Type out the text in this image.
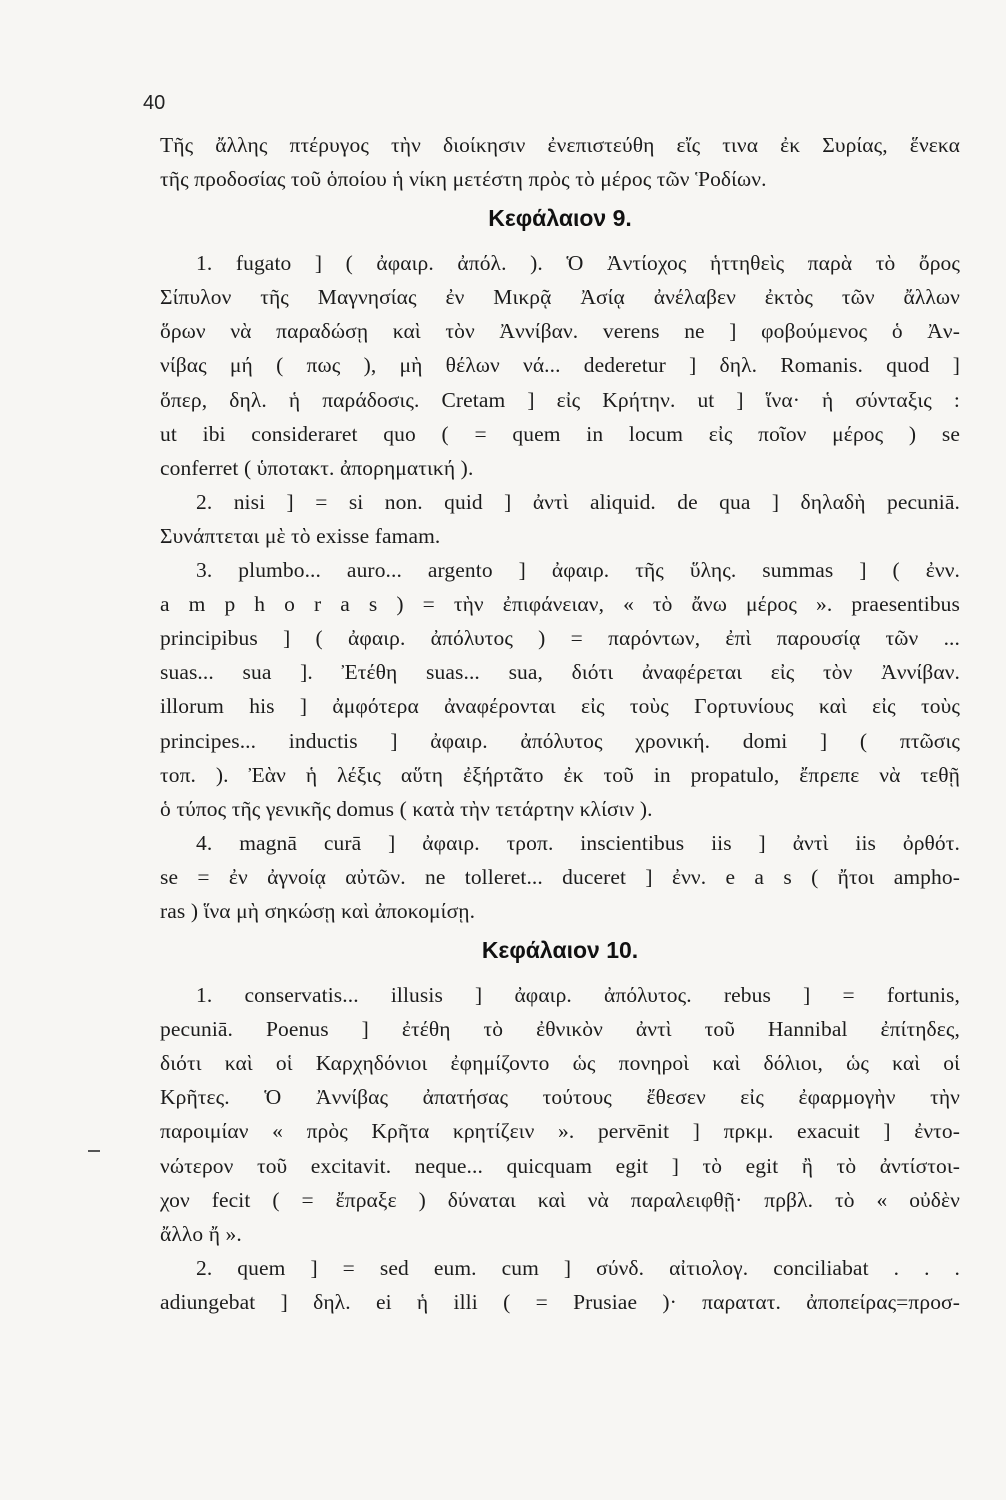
40
Τῆς ἄλλης πτέρυγος τὴν διοίκησιν ἐνεπιστεύθη εἴς τινα ἐκ Συρίας, ἕνεκα
τῆς προδοσίας τοῦ ὁποίου ἡ νίκη μετέστη πρὸς τὸ μέρος τῶν Ῥοδίων.
Κεφάλαιον 9.
1. fugato ] ( ἀφαιρ. ἀπόλ. ). Ὁ Ἀντίοχος ἡττηθεὶς παρὰ τὸ ὄρος
Σίπυλον τῆς Μαγνησίας ἐν Μικρᾷ Ἀσίᾳ ἀνέλαβεν ἐκτὸς τῶν ἄλλων
ὅρων νὰ παραδώσῃ καὶ τὸν Ἀννίβαν. verens ne ] φοβούμενος ὁ Ἀν-
νίβας μή ( πως ), μὴ θέλων νά... dederetur ] δηλ. Romanis. quod ]
ὅπερ, δηλ. ἡ παράδοσις. Cretam ] εἰς Κρήτην. ut ] ἵνα· ἡ σύνταξις :
ut ibi consideraret quo ( = quem in locum εἰς ποῖον μέρος ) se
conferret ( ὑποτακτ. ἀπορηματική ).
2. nisi ] = si non. quid ] ἀντὶ aliquid. de qua ] δηλαδὴ pecuniā.
Συνάπτεται μὲ τὸ exisse famam.
3. plumbo... auro... argento ] ἀφαιρ. τῆς ὕλης. summas ] ( ἐνν.
a m p h o r a s ) = τὴν ἐπιφάνειαν, « τὸ ἄνω μέρος ». praesentibus
principibus ] ( ἀφαιρ. ἀπόλυτος ) = παρόντων, ἐπὶ παρουσίᾳ τῶν ...
suas... sua ]. Ἐτέθη suas... sua, διότι ἀναφέρεται εἰς τὸν Ἀννίβαν.
illorum his ] ἀμφότερα ἀναφέρονται εἰς τοὺς Γορτυνίους καὶ εἰς τοὺς
principes... inductis ] ἀφαιρ. ἀπόλυτος χρονική. domi ] ( πτῶσις
τοπ. ). Ἐὰν ἡ λέξις αὕτη ἐξήρτᾶτο ἐκ τοῦ in propatulo, ἔπρεπε νὰ τεθῇ
ὁ τύπος τῆς γενικῆς domus ( κατὰ τὴν τετάρτην κλίσιν ).
4. magnā curā ] ἀφαιρ. τροπ. inscientibus iis ] ἀντὶ iis ὀρθότ.
se = ἐν ἀγνοίᾳ αὐτῶν. ne tolleret... duceret ] ἐνν. e a s ( ἤτοι ampho-
ras ) ἵνα μὴ σηκώσῃ καὶ ἀποκομίσῃ.
Κεφάλαιον 10.
1. conservatis... illusis ] ἀφαιρ. ἀπόλυτος. rebus ] = fortunis,
pecuniā. Poenus ] ἐτέθη τὸ ἐθνικὸν ἀντὶ τοῦ Hannibal ἐπίτηδες,
διότι καὶ οἱ Καρχηδόνιοι ἐφημίζοντο ὡς πονηροὶ καὶ δόλιοι, ὡς καὶ οἱ
Κρῆτες. Ὁ Ἀννίβας ἀπατήσας τούτους ἔθεσεν εἰς ἐφαρμογὴν τὴν
παροιμίαν « πρὸς Κρῆτα κρητίζειν ». pervēnit ] πρκμ. exacuit ] ἐντο-
νώτερον τοῦ excitavit. neque... quicquam egit ] τὸ egit ἢ τὸ ἀντίστοι-
χον fecit ( = ἔπραξε ) δύναται καὶ νὰ παραλειφθῇ· πρβλ. τὸ « οὐδὲν
ἄλλο ἤ ».
2. quem ] = sed eum. cum ] σύνδ. αἰτιολογ. conciliabat . . .
adiungebat ] δηλ. ei ἡ illi ( = Prusiae )· παρατατ. ἀποπείρας=προσ-
